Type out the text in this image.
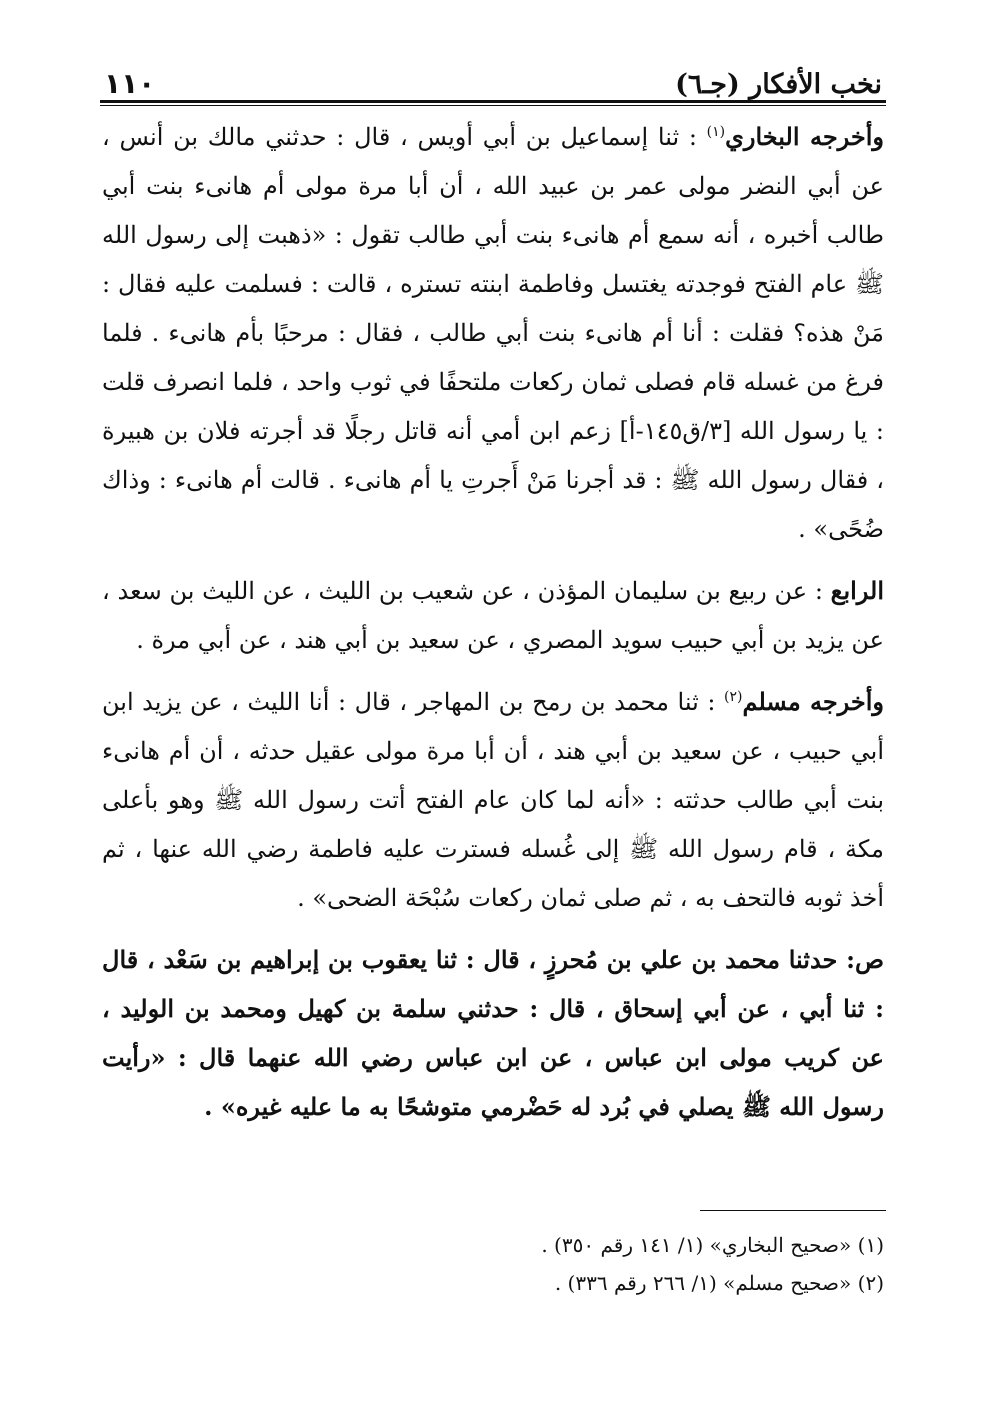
نخب الأفكار (جـ٦)
١١٠

وأخرجه البخاري$^{(١)}$ : ثنا إسماعيل بن أبي أويس ، قال : حدثني مالك بن أنس ، عن أبي النضر مولى عمر بن عبيد الله ، أن أبا مرة مولى أم هانىء بنت أبي طالب أخبره ، أنه سمع أم هانىء بنت أبي طالب تقول : «ذهبت إلى رسول الله ﷺ عام الفتح فوجدته يغتسل وفاطمة ابنته تستره ، قالت : فسلمت عليه فقال : مَنْ هذه؟ فقلت : أنا أم هانىء بنت أبي طالب ، فقال : مرحبًا بأم هانىء . فلما فرغ من غسله قام فصلى ثمان ركعات ملتحفًا في ثوب واحد ، فلما انصرف قلت : يا رسول الله [٣/ق١٤٥-أ] زعم ابن أمي أنه قاتل رجلًا قد أجرته فلان بن هبيرة ، فقال رسول الله ﷺ : قد أجرنا مَنْ أَجرتِ يا أم هانىء . قالت أم هانىء : وذاك ضُحًى» .

الرابع : عن ربيع بن سليمان المؤذن ، عن شعيب بن الليث ، عن الليث بن سعد ، عن يزيد بن أبي حبيب سويد المصري ، عن سعيد بن أبي هند ، عن أبي مرة .

وأخرجه مسلم$^{(٢)}$ : ثنا محمد بن رمح بن المهاجر ، قال : أنا الليث ، عن يزيد ابن أبي حبيب ، عن سعيد بن أبي هند ، أن أبا مرة مولى عقيل حدثه ، أن أم هانىء بنت أبي طالب حدثته : «أنه لما كان عام الفتح أتت رسول الله ﷺ وهو بأعلى مكة ، قام رسول الله ﷺ إلى غُسله فسترت عليه فاطمة رضي الله عنها ، ثم أخذ ثوبه فالتحف به ، ثم صلى ثمان ركعات سُبْحَة الضحى» .

ص: حدثنا محمد بن علي بن مُحرزٍ ، قال : ثنا يعقوب بن إبراهيم بن سَعْد ، قال : ثنا أبي ، عن أبي إسحاق ، قال : حدثني سلمة بن كهيل ومحمد بن الوليد ، عن كريب مولى ابن عباس ، عن ابن عباس رضي الله عنهما قال : «رأيت رسول الله ﷺ يصلي في بُرد له حَضْرمي متوشحًا به ما عليه غيره» .

(١) «صحيح البخاري» (١/ ١٤١ رقم ٣٥٠) .
(٢) «صحيح مسلم» (١/ ٢٦٦ رقم ٣٣٦) .
